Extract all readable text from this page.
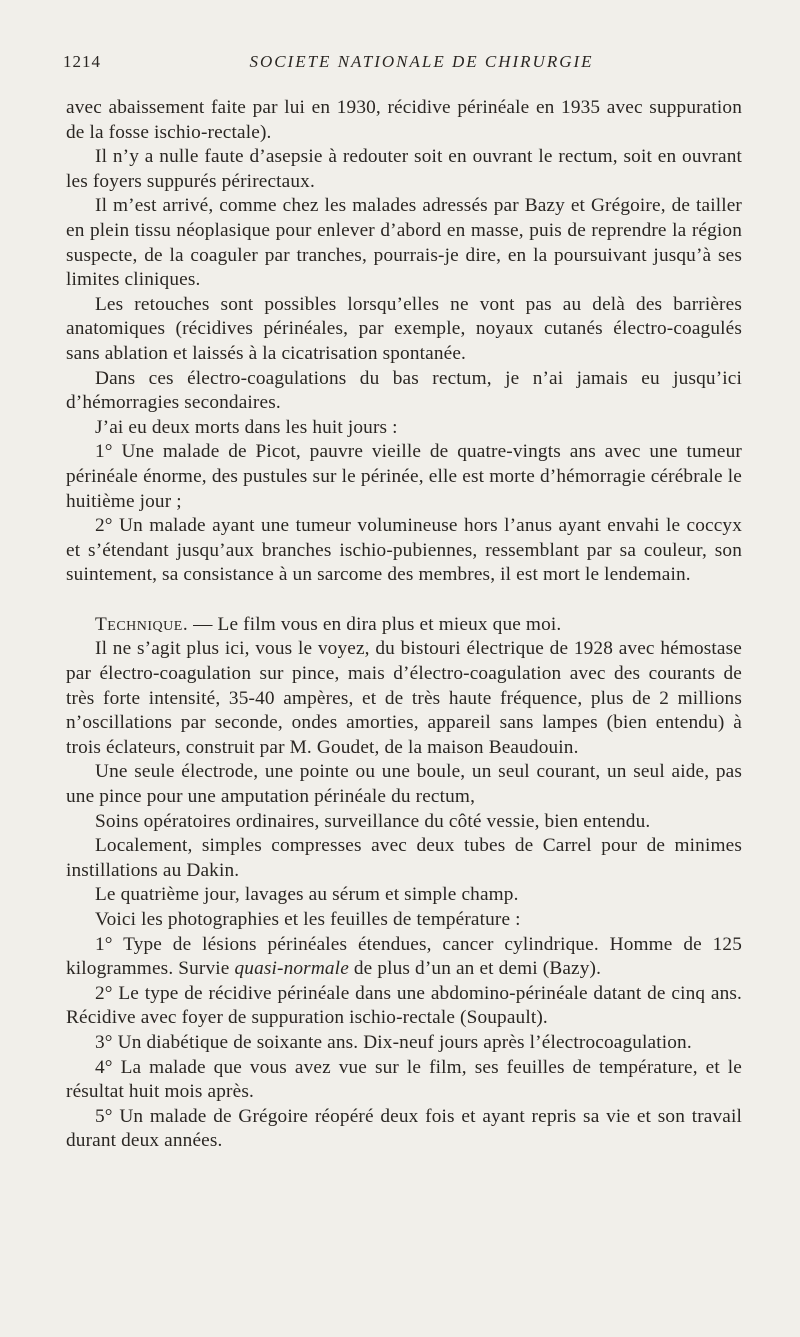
1214	SOCIETE NATIONALE DE CHIRURGIE

avec abaissement faite par lui en 1930, récidive périnéale en 1935 avec suppuration de la fosse ischio-rectale).

Il n’y a nulle faute d’asepsie à redouter soit en ouvrant le rectum, soit en ouvrant les foyers suppurés périrectaux.

Il m’est arrivé, comme chez les malades adressés par Bazy et Grégoire, de tailler en plein tissu néoplasique pour enlever d’abord en masse, puis de reprendre la région suspecte, de la coaguler par tranches, pourrais-je dire, en la poursuivant jusqu’à ses limites cliniques.

Les retouches sont possibles lorsqu’elles ne vont pas au delà des barrières anatomiques (récidives périnéales, par exemple, noyaux cutanés électro-coagulés sans ablation et laissés à la cicatrisation spontanée.

Dans ces électro-coagulations du bas rectum, je n’ai jamais eu jusqu’ici d’hémorragies secondaires.

J’ai eu deux morts dans les huit jours :

1° Une malade de Picot, pauvre vieille de quatre-vingts ans avec une tumeur périnéale énorme, des pustules sur le périnée, elle est morte d’hémorragie cérébrale le huitième jour ;

2° Un malade ayant une tumeur volumineuse hors l’anus ayant envahi le coccyx et s’étendant jusqu’aux branches ischio-pubiennes, ressemblant par sa couleur, son suintement, sa consistance à un sarcome des membres, il est mort le lendemain.

Technique. — Le film vous en dira plus et mieux que moi.

Il ne s’agit plus ici, vous le voyez, du bistouri électrique de 1928 avec hémostase par électro-coagulation sur pince, mais d’électro-coagulation avec des courants de très forte intensité, 35-40 ampères, et de très haute fréquence, plus de 2 millions n’oscillations par seconde, ondes amorties, appareil sans lampes (bien entendu) à trois éclateurs, construit par M. Goudet, de la maison Beaudouin.

Une seule électrode, une pointe ou une boule, un seul courant, un seul aide, pas une pince pour une amputation périnéale du rectum,

Soins opératoires ordinaires, surveillance du côté vessie, bien entendu.

Localement, simples compresses avec deux tubes de Carrel pour de minimes instillations au Dakin.

Le quatrième jour, lavages au sérum et simple champ.

Voici les photographies et les feuilles de température :

1° Type de lésions périnéales étendues, cancer cylindrique. Homme de 125 kilogrammes. Survie quasi-normale de plus d’un an et demi (Bazy).

2° Le type de récidive périnéale dans une abdomino-périnéale datant de cinq ans. Récidive avec foyer de suppuration ischio-rectale (Soupault).

3° Un diabétique de soixante ans. Dix-neuf jours après l’électrocoagulation.

4° La malade que vous avez vue sur le film, ses feuilles de température, et le résultat huit mois après.

5° Un malade de Grégoire réopéré deux fois et ayant repris sa vie et son travail durant deux années.
